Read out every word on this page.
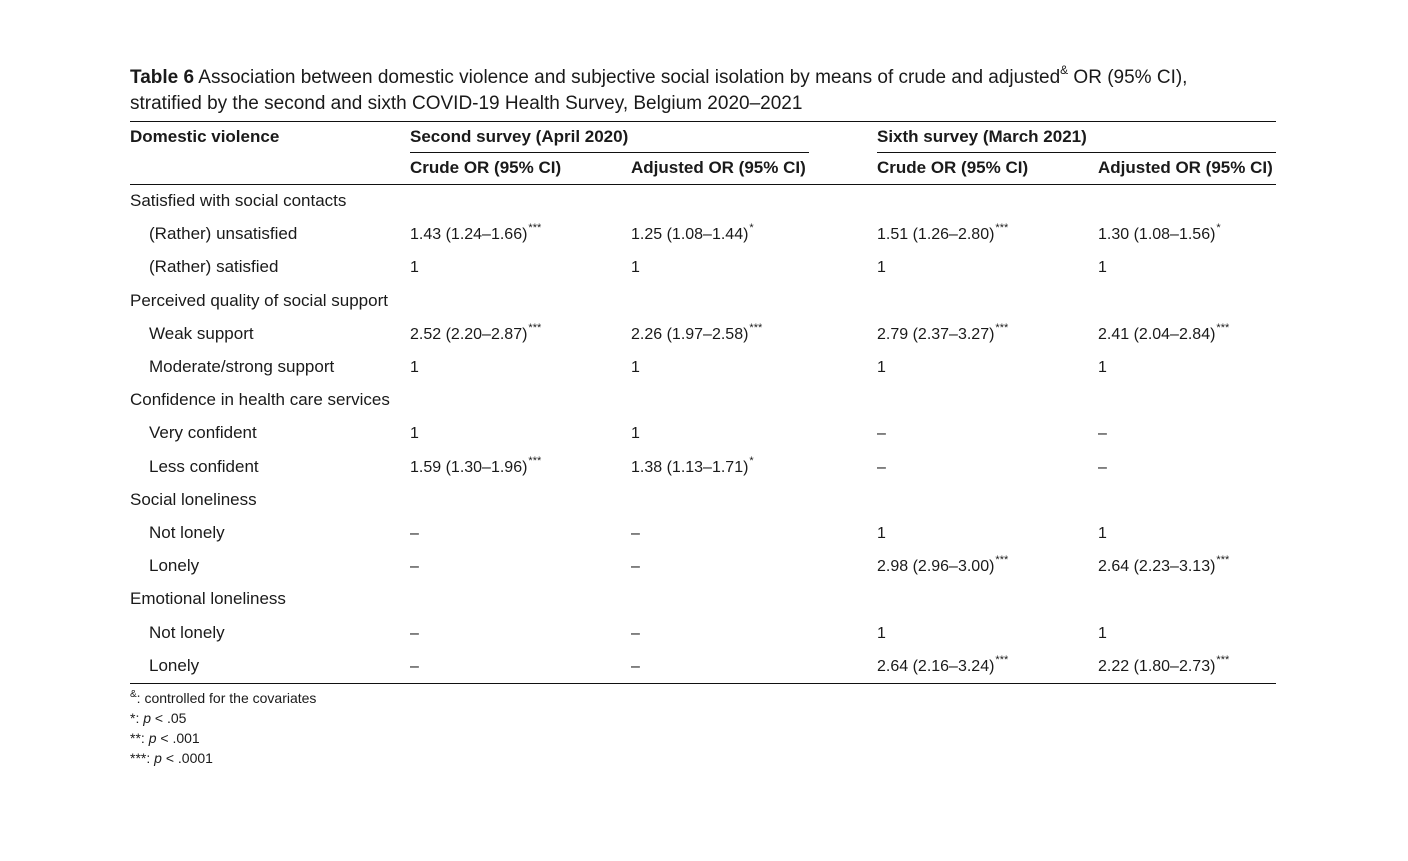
Table 6 Association between domestic violence and subjective social isolation by means of crude and adjusted& OR (95% CI),
stratified by the second and sixth COVID-19 Health Survey, Belgium 2020–2021
Domestic violence	Second survey (April 2020)	Sixth survey (March 2021)
Crude OR (95% CI)	Adjusted OR (95% CI)	Crude OR (95% CI)	Adjusted OR (95% CI)
Satisfied with social contacts
(Rather) unsatisfied	1.43 (1.24–1.66)***	1.25 (1.08–1.44)*	1.51 (1.26–2.80)***	1.30 (1.08–1.56)*
(Rather) satisfied	1	1	1	1
Perceived quality of social support
Weak support	2.52 (2.20–2.87)***	2.26 (1.97–2.58)***	2.79 (2.37–3.27)***	2.41 (2.04–2.84)***
Moderate/strong support	1	1	1	1
Confidence in health care services
Very confident	1	1	–	–
Less confident	1.59 (1.30–1.96)***	1.38 (1.13–1.71)*	–	–
Social loneliness
Not lonely	–	–	1	1
Lonely	–	–	2.98 (2.96–3.00)***	2.64 (2.23–3.13)***
Emotional loneliness
Not lonely	–	–	1	1
Lonely	–	–	2.64 (2.16–3.24)***	2.22 (1.80–2.73)***
&: controlled for the covariates
*: p < .05
**: p < .001
***: p < .0001
